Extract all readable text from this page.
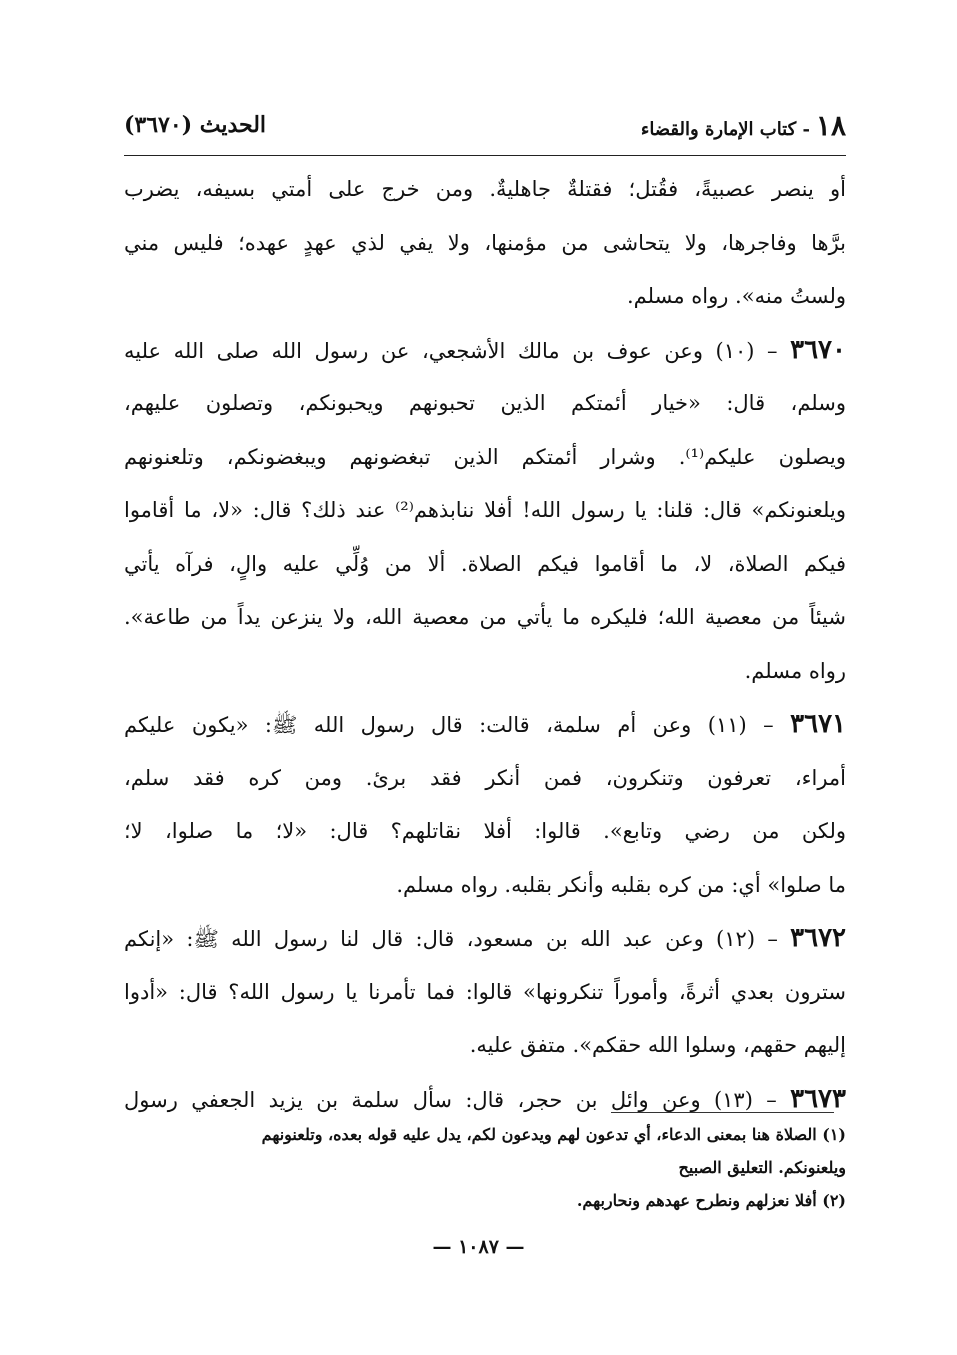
١٨- كتاب الإمارة والقضاء
الحديث (٣٦٧٠)
أو ينصر عصبيةً، فقُتل؛ فقتلةٌ جاهليةٌ. ومن خرج على أمتي بسيفه، يضرب
برَّها وفاجرها، ولا يتحاشى من مؤمنها، ولا يفي لذي عهدٍ عهده؛ فليس مني
ولستُ منه». رواه مسلم.
٣٦٧٠ – (١٠) وعن عوف بن مالك الأشجعي، عن رسول الله صلى الله عليه
وسلم، قال: «خيار أئمتكم الذين تحبونهم ويحبونكم، وتصلون عليهم،
ويصلون عليكم⁽¹⁾. وشرار أئمتكم الذين تبغضونهم ويبغضونكم، وتلعنونهم
ويلعنونكم» قال: قلنا: يا رسول الله! أفلا ننابذهم⁽²⁾ عند ذلك؟ قال: «لا، ما أقاموا
فيكم الصلاة، لا، ما أقاموا فيكم الصلاة. ألا من وُلِّي عليه والٍ، فرآه يأتي
شيئاً من معصية الله؛ فليكره ما يأتي من معصية الله، ولا ينزعن يداً من طاعة».
رواه مسلم.
٣٦٧١ – (١١) وعن أم سلمة، قالت: قال رسول الله ﷺ: «يكون عليكم
أمراء، تعرفون وتنكرون، فمن أنكر فقد برئ. ومن كره فقد سلم،
ولكن من رضي وتابع». قالوا: أفلا نقاتلهم؟ قال: «لا؛ ما صلوا، لا؛
ما صلوا» أي: من كره بقلبه وأنكر بقلبه. رواه مسلم.
٣٦٧٢ – (١٢) وعن عبد الله بن مسعود، قال: قال لنا رسول الله ﷺ: «إنكم
سترون بعدي أثرةً، وأموراً تنكرونها» قالوا: فما تأمرنا يا رسول الله؟ قال: «أدوا
إليهم حقهم، وسلوا الله حقكم». متفق عليه.
٣٦٧٣ – (١٣) وعن وائل بن حجر، قال: سأل سلمة بن يزيد الجعفي رسول
(١) الصلاة هنا بمعنى الدعاء، أي تدعون لهم ويدعون لكم، يدل عليه قوله بعده، وتلعنونهم
ويلعنونكم. التعليق الصبيح
(٢) أفلا نعزلهم ونطرح عهدهم ونحاربهم.
— ١٠٨٧ —
